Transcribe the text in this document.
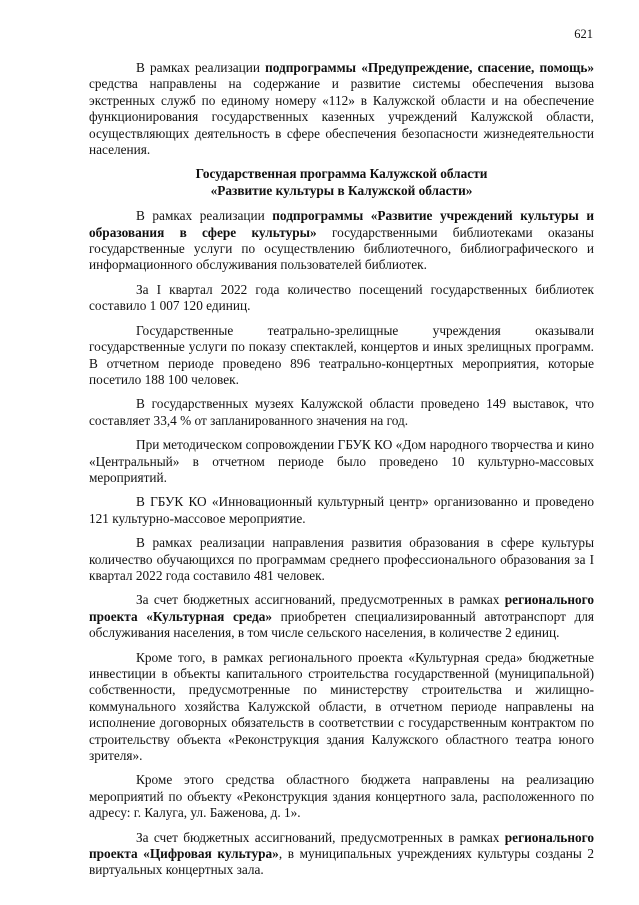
621

В рамках реализации подпрограммы «Предупреждение, спасение, помощь» средства направлены на содержание и развитие системы обеспечения вызова экстренных служб по единому номеру «112» в Калужской области и на обеспечение функционирования государственных казенных учреждений Калужской области, осуществляющих деятельность в сфере обеспечения безопасности жизнедеятельности населения.

Государственная программа Калужской области
«Развитие культуры в Калужской области»

В рамках реализации подпрограммы «Развитие учреждений культуры и образования в сфере культуры» государственными библиотеками оказаны государственные услуги по осуществлению библиотечного, библиографического и информационного обслуживания пользователей библиотек.

За I квартал 2022 года количество посещений государственных библиотек составило 1 007 120 единиц.

Государственные театрально-зрелищные учреждения оказывали государственные услуги по показу спектаклей, концертов и иных зрелищных программ. В отчетном периоде проведено 896 театрально-концертных мероприятия, которые посетило 188 100 человек.

В государственных музеях Калужской области проведено 149 выставок, что составляет 33,4 % от запланированного значения на год.

При методическом сопровождении ГБУК КО «Дом народного творчества и кино «Центральный» в отчетном периоде было проведено 10 культурно-массовых мероприятий.

В ГБУК КО «Инновационный культурный центр» организованно и проведено 121 культурно-массовое мероприятие.

В рамках реализации направления развития образования в сфере культуры количество обучающихся по программам среднего профессионального образования за I квартал 2022 года составило 481 человек.

За счет бюджетных ассигнований, предусмотренных в рамках регионального проекта «Культурная среда» приобретен специализированный автотранспорт для обслуживания населения, в том числе сельского населения, в количестве 2 единиц.

Кроме того, в рамках регионального проекта «Культурная среда» бюджетные инвестиции в объекты капитального строительства государственной (муниципальной) собственности, предусмотренные по министерству строительства и жилищно-коммунального хозяйства Калужской области, в отчетном периоде направлены на исполнение договорных обязательств в соответствии с государственным контрактом по строительству объекта «Реконструкция здания Калужского областного театра юного зрителя».

Кроме этого средства областного бюджета направлены на реализацию мероприятий по объекту «Реконструкция здания концертного зала, расположенного по адресу: г. Калуга, ул. Баженова, д. 1».

За счет бюджетных ассигнований, предусмотренных в рамках регионального проекта «Цифровая культура», в муниципальных учреждениях культуры созданы 2 виртуальных концертных зала.
